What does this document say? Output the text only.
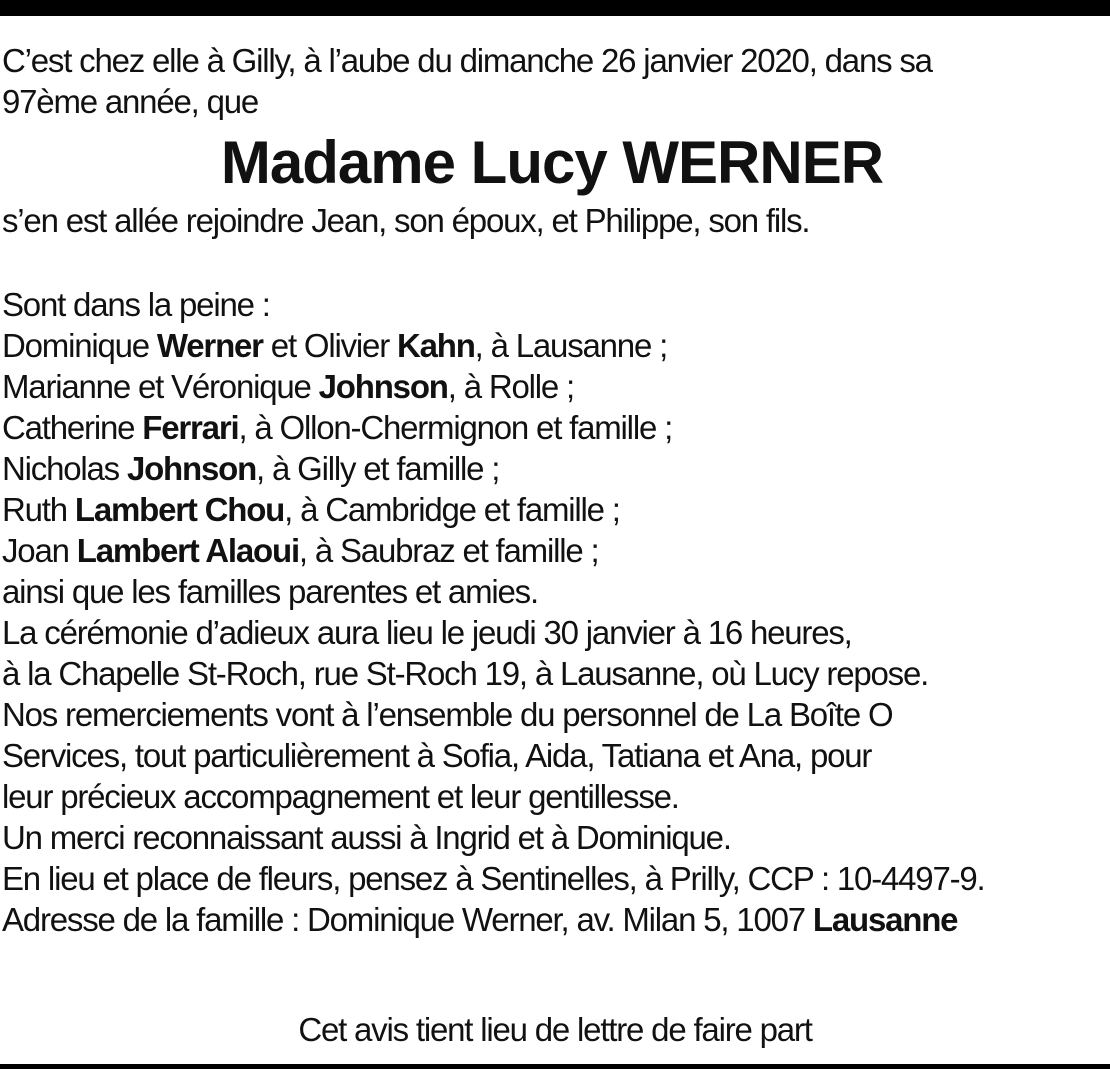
C’est chez elle à Gilly, à l’aube du dimanche 26 janvier 2020, dans sa
97ème année, que
Madame Lucy WERNER
s’en est allée rejoindre Jean, son époux, et Philippe, son fils.
Sont dans la peine :
Dominique Werner et Olivier Kahn, à Lausanne ;
Marianne et Véronique Johnson, à Rolle ;
Catherine Ferrari, à Ollon-Chermignon et famille ;
Nicholas Johnson, à Gilly et famille ;
Ruth Lambert Chou, à Cambridge et famille ;
Joan Lambert Alaoui, à Saubraz et famille ;
ainsi que les familles parentes et amies.
La cérémonie d’adieux aura lieu le jeudi 30 janvier à 16 heures,
à la Chapelle St-Roch, rue St-Roch 19, à Lausanne, où Lucy repose.
Nos remerciements vont à l’ensemble du personnel de La Boîte O
Services, tout particulièrement à Sofia, Aida, Tatiana et Ana, pour
leur précieux accompagnement et leur gentillesse.
Un merci reconnaissant aussi à Ingrid et à Dominique.
En lieu et place de fleurs, pensez à Sentinelles, à Prilly, CCP : 10-4497-9.
Adresse de la famille : Dominique Werner, av. Milan 5, 1007 Lausanne
Cet avis tient lieu de lettre de faire part
